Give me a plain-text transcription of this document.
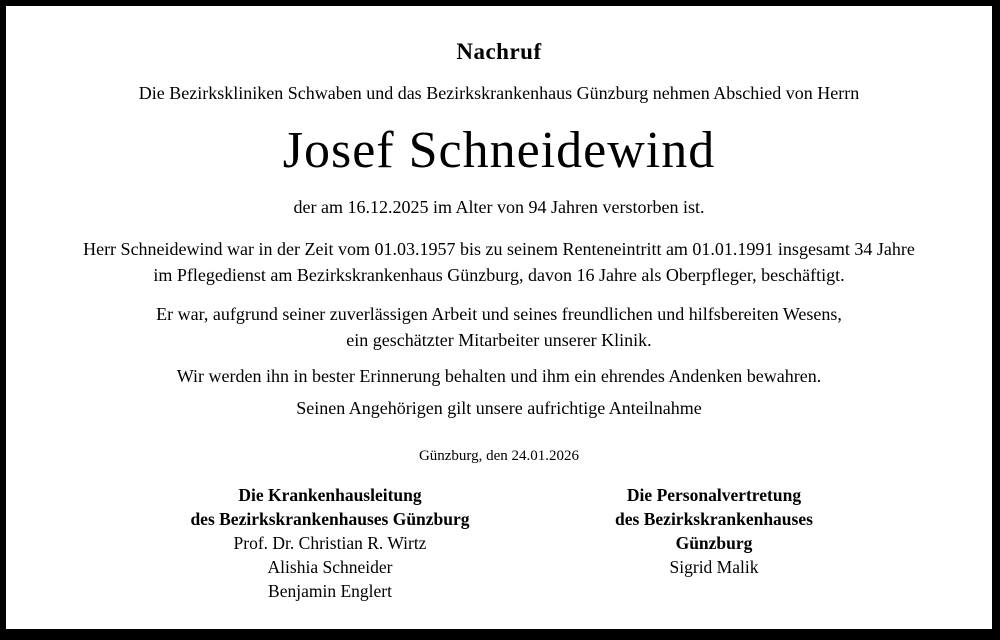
Nachruf
Die Bezirkskliniken Schwaben und das Bezirkskrankenhaus Günzburg nehmen Abschied von Herrn
Josef Schneidewind
der am 16.12.2025 im Alter von 94 Jahren verstorben ist.
Herr Schneidewind war in der Zeit vom 01.03.1957 bis zu seinem Renteneintritt am 01.01.1991 insgesamt 34 Jahre
im Pflegedienst am Bezirkskrankenhaus Günzburg, davon 16 Jahre als Oberpfleger, beschäftigt.
Er war, aufgrund seiner zuverlässigen Arbeit und seines freundlichen und hilfsbereiten Wesens,
ein geschätzter Mitarbeiter unserer Klinik.
Wir werden ihn in bester Erinnerung behalten und ihm ein ehrendes Andenken bewahren.
Seinen Angehörigen gilt unsere aufrichtige Anteilnahme
Günzburg, den 24.01.2026
Die Krankenhausleitung
des Bezirkskrankenhauses Günzburg
Prof. Dr. Christian R. Wirtz
Alishia Schneider
Benjamin Englert
Die Personalvertretung
des Bezirkskrankenhauses
Günzburg
Sigrid Malik
